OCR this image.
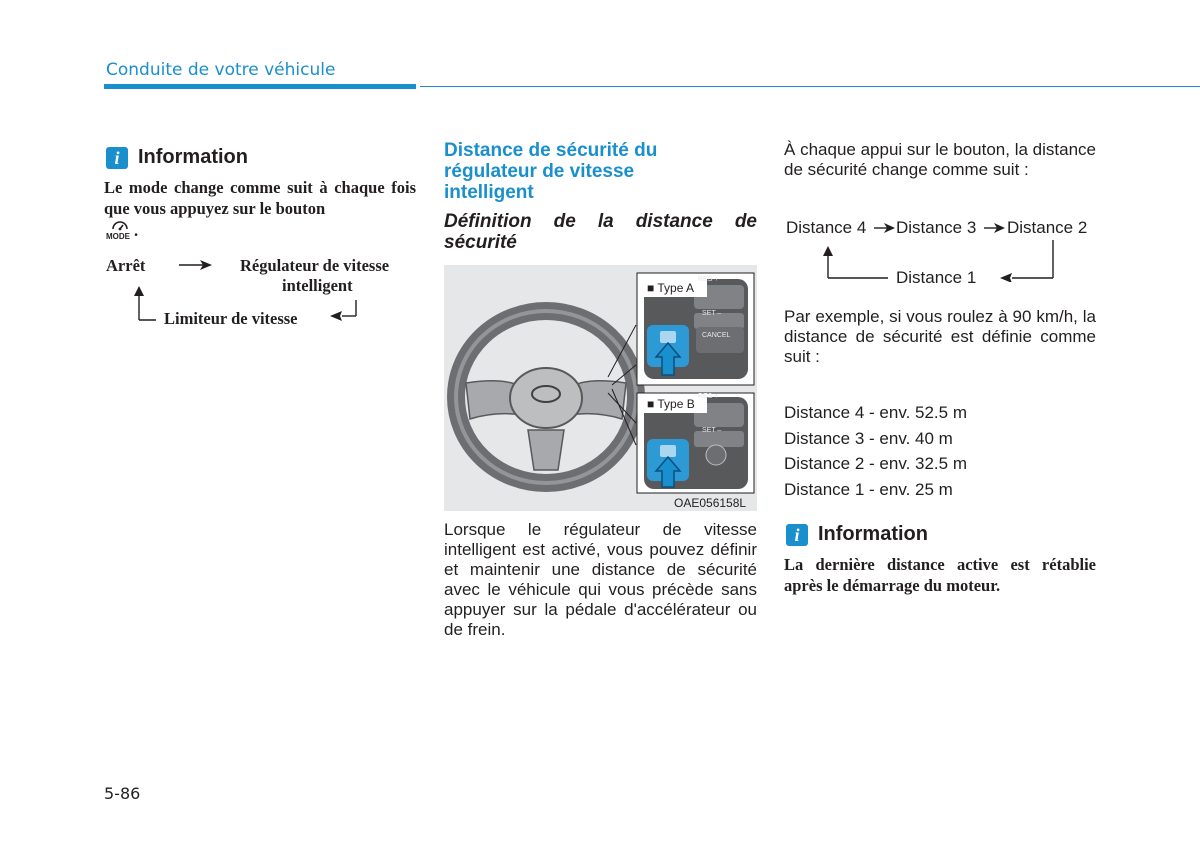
Conduite de votre véhicule
i Information
Le mode change comme suit à chaque fois que vous appuyez sur le bouton
MODE .
Arrêt	Régulateur de vitesse
intelligent
Limiteur de vitesse
Distance de sécurité du
régulateur de vitesse
intelligent
Définition de la distance de
sécurité
■ Type A
RES +
SET –
CANCEL
■ Type B
RES +
SET –
OAE056158L
Lorsque le régulateur de vitesse intelligent est activé, vous pouvez définir et maintenir une distance de sécurité avec le véhicule qui vous précède sans appuyer sur la pédale d'accélérateur ou de frein.
À chaque appui sur le bouton, la distance de sécurité change comme suit :
Distance 4 Distance 3 Distance 2
Distance 1
Par exemple, si vous roulez à 90 km/h, la distance de sécurité est définie comme suit :
Distance 4 - env. 52.5 m
Distance 3 - env. 40 m
Distance 2 - env. 32.5 m
Distance 1 - env. 25 m
i Information
La dernière distance active est rétablie après le démarrage du moteur.
5-86
